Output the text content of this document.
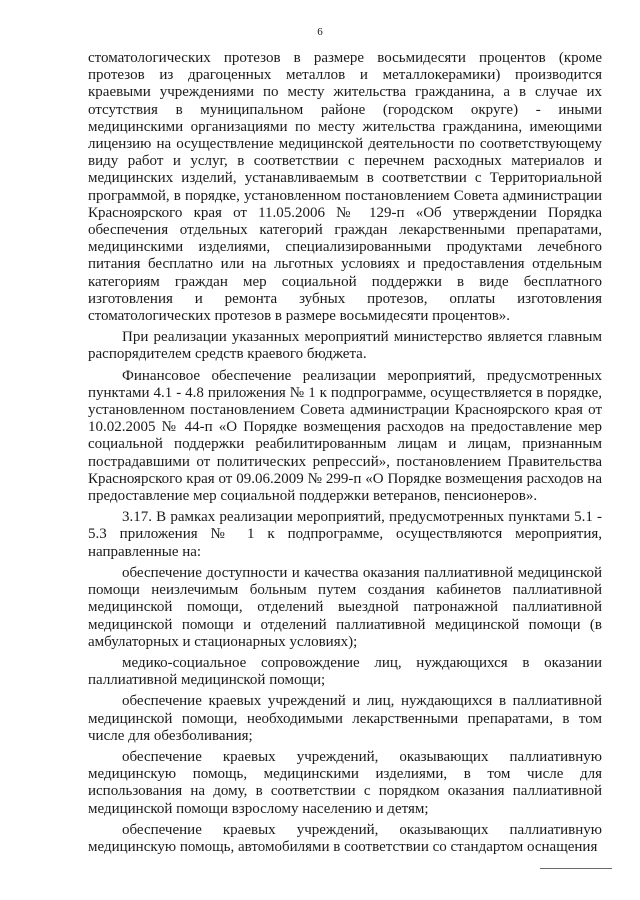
6

стоматологических протезов в размере восьмидесяти процентов (кроме протезов из драгоценных металлов и металлокерамики) производится краевыми учреждениями по месту жительства гражданина, а в случае их отсутствия в муниципальном районе (городском округе) - иными медицинскими организациями по месту жительства гражданина, имеющими лицензию на осуществление медицинской деятельности по соответствующему виду работ и услуг, в соответствии с перечнем расходных материалов и медицинских изделий, устанавливаемым в соответствии с Территориальной программой, в порядке, установленном постановлением Совета администрации Красноярского края от 11.05.2006 № 129-п «Об утверждении Порядка обеспечения отдельных категорий граждан лекарственными препаратами, медицинскими изделиями, специализированными продуктами лечебного питания бесплатно или на льготных условиях и предоставления отдельным категориям граждан мер социальной поддержки в виде бесплатного изготовления и ремонта зубных протезов, оплаты изготовления стоматологических протезов в размере восьмидесяти процентов».

При реализации указанных мероприятий министерство является главным распорядителем средств краевого бюджета.

Финансовое обеспечение реализации мероприятий, предусмотренных пунктами 4.1 - 4.8 приложения № 1 к подпрограмме, осуществляется в порядке, установленном постановлением Совета администрации Красноярского края от 10.02.2005 № 44-п «О Порядке возмещения расходов на предоставление мер социальной поддержки реабилитированным лицам и лицам, признанным пострадавшими от политических репрессий», постановлением Правительства Красноярского края от 09.06.2009 № 299-п «О Порядке возмещения расходов на предоставление мер социальной поддержки ветеранов, пенсионеров».

3.17. В рамках реализации мероприятий, предусмотренных пунктами 5.1 - 5.3 приложения № 1 к подпрограмме, осуществляются мероприятия, направленные на:

обеспечение доступности и качества оказания паллиативной медицинской помощи неизлечимым больным путем создания кабинетов паллиативной медицинской помощи, отделений выездной патронажной паллиативной медицинской помощи и отделений паллиативной медицинской помощи (в амбулаторных и стационарных условиях);

медико-социальное сопровождение лиц, нуждающихся в оказании паллиативной медицинской помощи;

обеспечение краевых учреждений и лиц, нуждающихся в паллиативной медицинской помощи, необходимыми лекарственными препаратами, в том числе для обезболивания;

обеспечение краевых учреждений, оказывающих паллиативную медицинскую помощь, медицинскими изделиями, в том числе для использования на дому, в соответствии с порядком оказания паллиативной медицинской помощи взрослому населению и детям;

обеспечение краевых учреждений, оказывающих паллиативную медицинскую помощь, автомобилями в соответствии со стандартом оснащения
